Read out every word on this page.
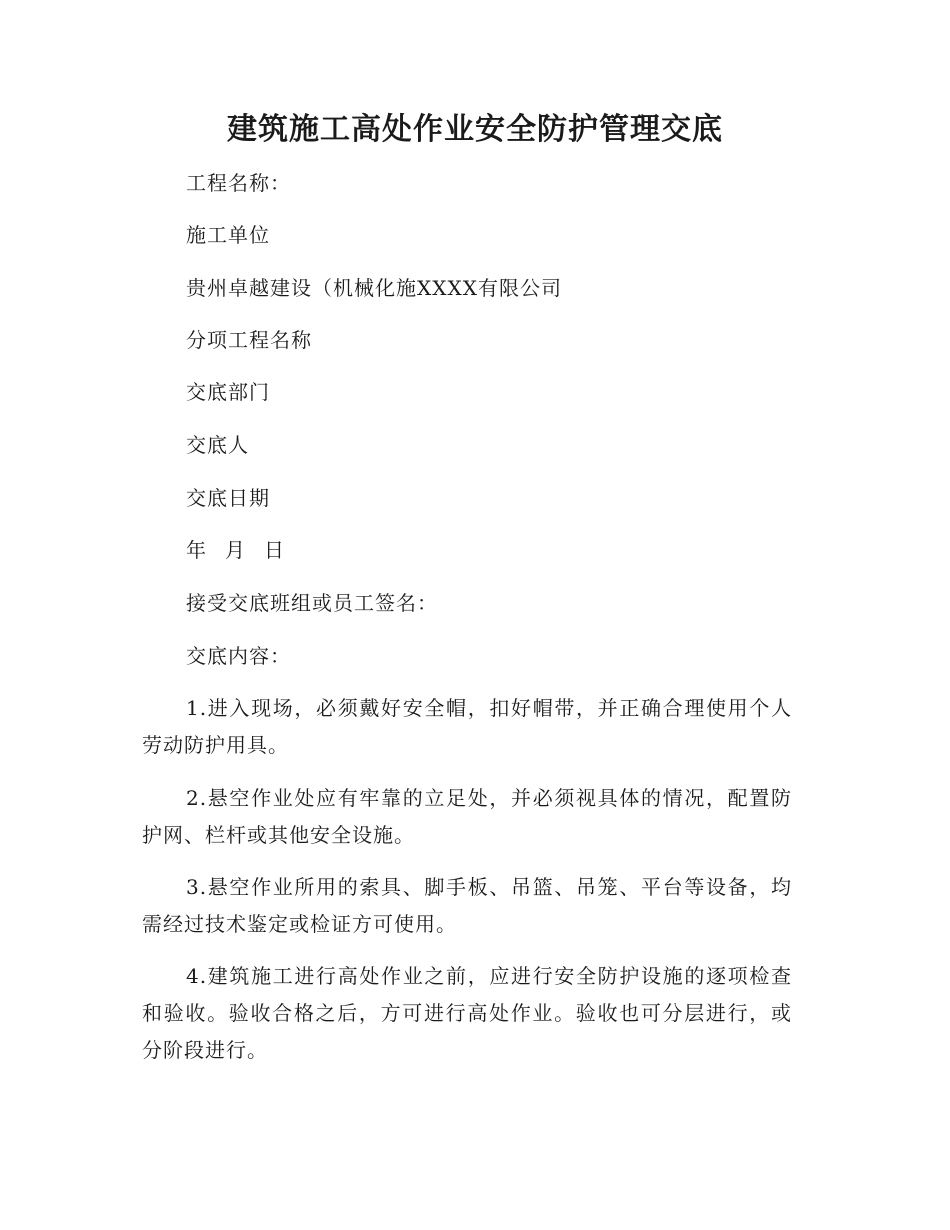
建筑施工高处作业安全防护管理交底
工程名称：
施工单位
贵州卓越建设（机械化施XXXX有限公司
分项工程名称
交底部门
交底人
交底日期
年 月 日
接受交底班组或员工签名：
交底内容：
1.进入现场，必须戴好安全帽，扣好帽带，并正确合理使用个人劳动防护用具。
2.悬空作业处应有牢靠的立足处，并必须视具体的情况，配置防护网、栏杆或其他安全设施。
3.悬空作业所用的索具、脚手板、吊篮、吊笼、平台等设备，均需经过技术鉴定或检证方可使用。
4.建筑施工进行高处作业之前，应进行安全防护设施的逐项检查和验收。验收合格之后，方可进行高处作业。验收也可分层进行，或分阶段进行。
